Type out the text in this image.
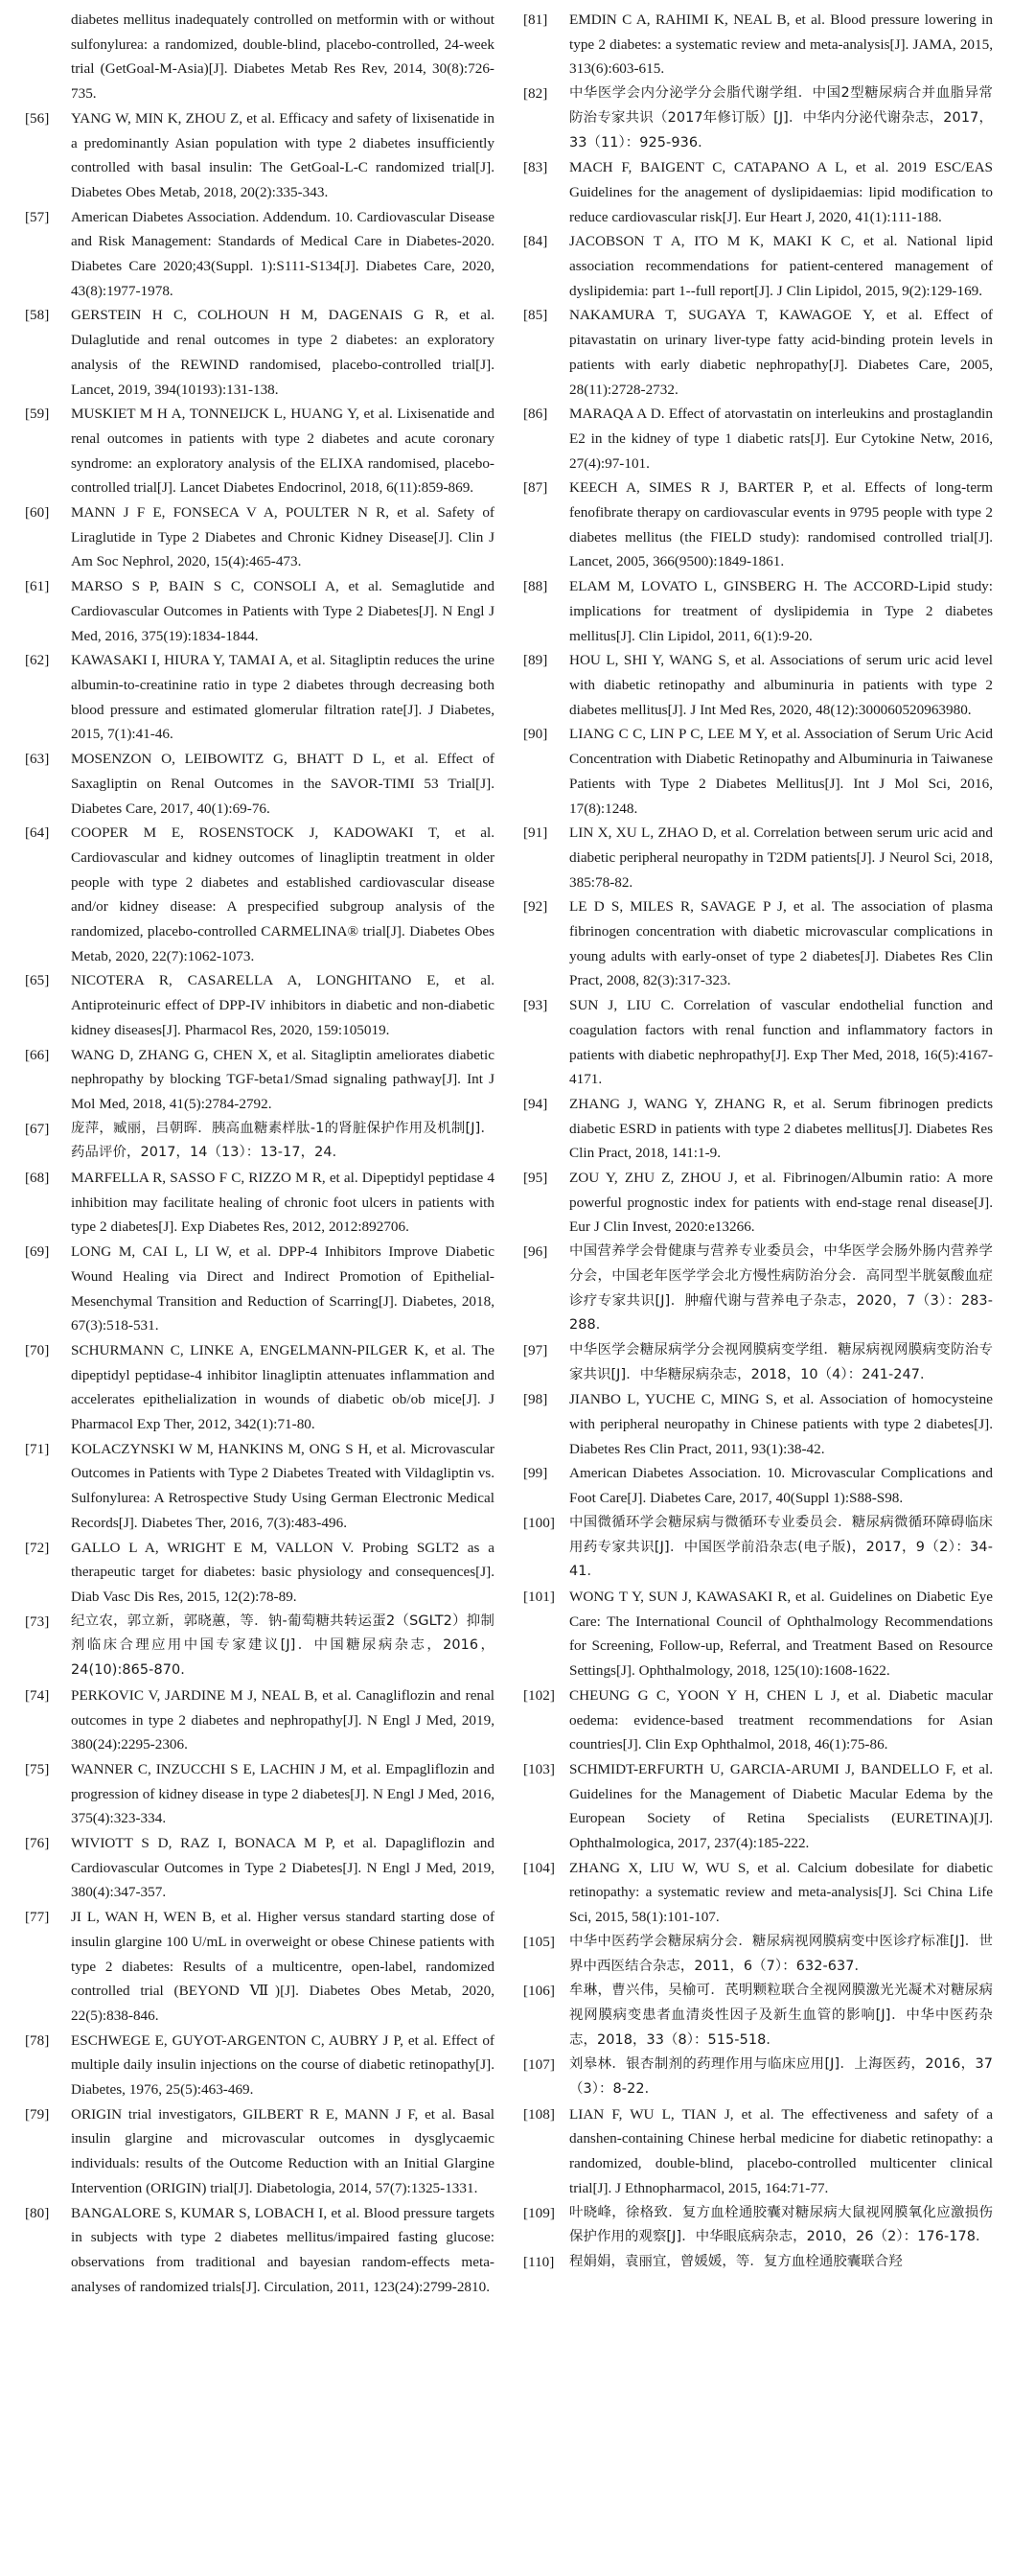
diabetes mellitus inadequately controlled on metformin with or without sulfonylurea: a randomized, double-blind, placebo-controlled, 24-week trial (GetGoal-M-Asia)[J]. Diabetes Metab Res Rev, 2014, 30(8):726-735.
[56]	YANG W, MIN K, ZHOU Z, et al. Efficacy and safety of lixisenatide in a predominantly Asian population with type 2 diabetes insufficiently controlled with basal insulin: The GetGoal-L-C randomized trial[J]. Diabetes Obes Metab, 2018, 20(2):335-343.
[57]	American Diabetes Association. Addendum. 10. Cardiovascular Disease and Risk Management: Standards of Medical Care in Diabetes-2020. Diabetes Care 2020;43(Suppl. 1):S111-S134[J]. Diabetes Care, 2020, 43(8):1977-1978.
[58]	GERSTEIN H C, COLHOUN H M, DAGENAIS G R, et al. Dulaglutide and renal outcomes in type 2 diabetes: an exploratory analysis of the REWIND randomised, placebo-controlled trial[J]. Lancet, 2019, 394(10193):131-138.
[59]	MUSKIET M H A, TONNEIJCK L, HUANG Y, et al. Lixisenatide and renal outcomes in patients with type 2 diabetes and acute coronary syndrome: an exploratory analysis of the ELIXA randomised, placebo-controlled trial[J]. Lancet Diabetes Endocrinol, 2018, 6(11):859-869.
[60]	MANN J F E, FONSECA V A, POULTER N R, et al. Safety of Liraglutide in Type 2 Diabetes and Chronic Kidney Disease[J]. Clin J Am Soc Nephrol, 2020, 15(4):465-473.
[61]	MARSO S P, BAIN S C, CONSOLI A, et al. Semaglutide and Cardiovascular Outcomes in Patients with Type 2 Diabetes[J]. N Engl J Med, 2016, 375(19):1834-1844.
[62]	KAWASAKI I, HIURA Y, TAMAI A, et al. Sitagliptin reduces the urine albumin-to-creatinine ratio in type 2 diabetes through decreasing both blood pressure and estimated glomerular filtration rate[J]. J Diabetes, 2015, 7(1):41-46.
[63]	MOSENZON O, LEIBOWITZ G, BHATT D L, et al. Effect of Saxagliptin on Renal Outcomes in the SAVOR-TIMI 53 Trial[J]. Diabetes Care, 2017, 40(1):69-76.
[64]	COOPER M E, ROSENSTOCK J, KADOWAKI T, et al. Cardiovascular and kidney outcomes of linagliptin treatment in older people with type 2 diabetes and established cardiovascular disease and/or kidney disease: A prespecified subgroup analysis of the randomized, placebo-controlled CARMELINA® trial[J]. Diabetes Obes Metab, 2020, 22(7):1062-1073.
[65]	NICOTERA R, CASARELLA A, LONGHITANO E, et al. Antiproteinuric effect of DPP-IV inhibitors in diabetic and non-diabetic kidney diseases[J]. Pharmacol Res, 2020, 159:105019.
[66]	WANG D, ZHANG G, CHEN X, et al. Sitagliptin ameliorates diabetic nephropathy by blocking TGF-beta1/Smad signaling pathway[J]. Int J Mol Med, 2018, 41(5):2784-2792.
[67]	庞萍，臧丽，吕朝晖．胰高血糖素样肽-1的肾脏保护作用及机制[J]．药品评价，2017，14（13）：13-17，24．
[68]	MARFELLA R, SASSO F C, RIZZO M R, et al. Dipeptidyl peptidase 4 inhibition may facilitate healing of chronic foot ulcers in patients with type 2 diabetes[J]. Exp Diabetes Res, 2012, 2012:892706.
[69]	LONG M, CAI L, LI W, et al. DPP-4 Inhibitors Improve Diabetic Wound Healing via Direct and Indirect Promotion of Epithelial-Mesenchymal Transition and Reduction of Scarring[J]. Diabetes, 2018, 67(3):518-531.
[70]	SCHURMANN C, LINKE A, ENGELMANN-PILGER K, et al. The dipeptidyl peptidase-4 inhibitor linagliptin attenuates inflammation and accelerates epithelialization in wounds of diabetic ob/ob mice[J]. J Pharmacol Exp Ther, 2012, 342(1):71-80.
[71]	KOLACZYNSKI W M, HANKINS M, ONG S H, et al. Microvascular Outcomes in Patients with Type 2 Diabetes Treated with Vildagliptin vs. Sulfonylurea: A Retrospective Study Using German Electronic Medical Records[J]. Diabetes Ther, 2016, 7(3):483-496.
[72]	GALLO L A, WRIGHT E M, VALLON V. Probing SGLT2 as a therapeutic target for diabetes: basic physiology and consequences[J]. Diab Vasc Dis Res, 2015, 12(2):78-89.
[73]	纪立农，郭立新，郭晓蕙，等．钠-葡萄糖共转运蛋2（SGLT2）抑制剂临床合理应用中国专家建议[J]．中国糖尿病杂志，2016，24(10):865-870.
[74]	PERKOVIC V, JARDINE M J, NEAL B, et al. Canagliflozin and renal outcomes in type 2 diabetes and nephropathy[J]. N Engl J Med, 2019, 380(24):2295-2306.
[75]	WANNER C, INZUCCHI S E, LACHIN J M, et al. Empagliflozin and progression of kidney disease in type 2 diabetes[J]. N Engl J Med, 2016, 375(4):323-334.
[76]	WIVIOTT S D, RAZ I, BONACA M P, et al. Dapagliflozin and Cardiovascular Outcomes in Type 2 Diabetes[J]. N Engl J Med, 2019, 380(4):347-357.
[77]	JI L, WAN H, WEN B, et al. Higher versus standard starting dose of insulin glargine 100 U/mL in overweight or obese Chinese patients with type 2 diabetes: Results of a multicentre, open-label, randomized controlled trial (BEYOND Ⅶ)[J]. Diabetes Obes Metab, 2020, 22(5):838-846.
[78]	ESCHWEGE E, GUYOT-ARGENTON C, AUBRY J P, et al. Effect of multiple daily insulin injections on the course of diabetic retinopathy[J]. Diabetes, 1976, 25(5):463-469.
[79]	ORIGIN trial investigators, GILBERT R E, MANN J F, et al. Basal insulin glargine and microvascular outcomes in dysglycaemic individuals: results of the Outcome Reduction with an Initial Glargine Intervention (ORIGIN) trial[J]. Diabetologia, 2014, 57(7):1325-1331.
[80]	BANGALORE S, KUMAR S, LOBACH I, et al. Blood pressure targets in subjects with type 2 diabetes mellitus/impaired fasting glucose: observations from traditional and bayesian random-effects meta-analyses of randomized trials[J]. Circulation, 2011, 123(24):2799-2810.
[81]	EMDIN C A, RAHIMI K, NEAL B, et al. Blood pressure lowering in type 2 diabetes: a systematic review and meta-analysis[J]. JAMA, 2015, 313(6):603-615.
[82]	中华医学会内分泌学分会脂代谢学组．中国2型糖尿病合并血脂异常防治专家共识（2017年修订版）[J]．中华内分泌代谢杂志，2017，33（11）：925-936．
[83]	MACH F, BAIGENT C, CATAPANO A L, et al. 2019 ESC/EAS Guidelines for the anagement of dyslipidaemias: lipid modification to reduce cardiovascular risk[J]. Eur Heart J, 2020, 41(1):111-188.
[84]	JACOBSON T A, ITO M K, MAKI K C, et al. National lipid association recommendations for patient-centered management of dyslipidemia: part 1--full report[J]. J Clin Lipidol, 2015, 9(2):129-169.
[85]	NAKAMURA T, SUGAYA T, KAWAGOE Y, et al. Effect of pitavastatin on urinary liver-type fatty acid-binding protein levels in patients with early diabetic nephropathy[J]. Diabetes Care, 2005, 28(11):2728-2732.
[86]	MARAQA A D. Effect of atorvastatin on interleukins and prostaglandin E2 in the kidney of type 1 diabetic rats[J]. Eur Cytokine Netw, 2016, 27(4):97-101.
[87]	KEECH A, SIMES R J, BARTER P, et al. Effects of long-term fenofibrate therapy on cardiovascular events in 9795 people with type 2 diabetes mellitus (the FIELD study): randomised controlled trial[J]. Lancet, 2005, 366(9500):1849-1861.
[88]	ELAM M, LOVATO L, GINSBERG H. The ACCORD-Lipid study: implications for treatment of dyslipidemia in Type 2 diabetes mellitus[J]. Clin Lipidol, 2011, 6(1):9-20.
[89]	HOU L, SHI Y, WANG S, et al. Associations of serum uric acid level with diabetic retinopathy and albuminuria in patients with type 2 diabetes mellitus[J]. J Int Med Res, 2020, 48(12):300060520963980.
[90]	LIANG C C, LIN P C, LEE M Y, et al. Association of Serum Uric Acid Concentration with Diabetic Retinopathy and Albuminuria in Taiwanese Patients with Type 2 Diabetes Mellitus[J]. Int J Mol Sci, 2016, 17(8):1248.
[91]	LIN X, XU L, ZHAO D, et al. Correlation between serum uric acid and diabetic peripheral neuropathy in T2DM patients[J]. J Neurol Sci, 2018, 385:78-82.
[92]	LE D S, MILES R, SAVAGE P J, et al. The association of plasma fibrinogen concentration with diabetic microvascular complications in young adults with early-onset of type 2 diabetes[J]. Diabetes Res Clin Pract, 2008, 82(3):317-323.
[93]	SUN J, LIU C. Correlation of vascular endothelial function and coagulation factors with renal function and inflammatory factors in patients with diabetic nephropathy[J]. Exp Ther Med, 2018, 16(5):4167-4171.
[94]	ZHANG J, WANG Y, ZHANG R, et al. Serum fibrinogen predicts diabetic ESRD in patients with type 2 diabetes mellitus[J]. Diabetes Res Clin Pract, 2018, 141:1-9.
[95]	ZOU Y, ZHU Z, ZHOU J, et al. Fibrinogen/Albumin ratio: A more powerful prognostic index for patients with end-stage renal disease[J]. Eur J Clin Invest, 2020:e13266.
[96]	中国营养学会骨健康与营养专业委员会，中华医学会肠外肠内营养学分会，中国老年医学学会北方慢性病防治分会．高同型半胱氨酸血症诊疗专家共识[J]．肿瘤代谢与营养电子杂志，2020，7（3）：283-288．
[97]	中华医学会糖尿病学分会视网膜病变学组．糖尿病视网膜病变防治专家共识[J]．中华糖尿病杂志，2018，10（4）：241-247．
[98]	JIANBO L, YUCHE C, MING S, et al. Association of homocysteine with peripheral neuropathy in Chinese patients with type 2 diabetes[J]. Diabetes Res Clin Pract, 2011, 93(1):38-42.
[99]	American Diabetes Association. 10. Microvascular Complications and Foot Care[J]. Diabetes Care, 2017, 40(Suppl 1):S88-S98.
[100]	中国微循环学会糖尿病与微循环专业委员会．糖尿病微循环障碍临床用药专家共识[J]．中国医学前沿杂志(电子版)，2017，9（2）：34-41．
[101] WONG T Y, SUN J, KAWASAKI R, et al. Guidelines on Diabetic Eye Care: The International Council of Ophthalmology Recommendations for Screening, Follow-up, Referral, and Treatment Based on Resource Settings[J]. Ophthalmology, 2018, 125(10):1608-1622.
[102] CHEUNG G C, YOON Y H, CHEN L J, et al. Diabetic macular oedema: evidence-based treatment recommendations for Asian countries[J]. Clin Exp Ophthalmol, 2018, 46(1):75-86.
[103] SCHMIDT-ERFURTH U, GARCIA-ARUMI J, BANDELLO F, et al. Guidelines for the Management of Diabetic Macular Edema by the European Society of Retina Specialists (EURETINA)[J]. Ophthalmologica, 2017, 237(4):185-222.
[104] ZHANG X, LIU W, WU S, et al. Calcium dobesilate for diabetic retinopathy: a systematic review and meta-analysis[J]. Sci China Life Sci, 2015, 58(1):101-107.
[105]	中华中医药学会糖尿病分会．糖尿病视网膜病变中医诊疗标准[J]．世界中西医结合杂志，2011，6（7）：632-637．
[106]	牟琳，曹兴伟，吴榆可．芪明颗粒联合全视网膜激光光凝术对糖尿病视网膜病变患者血清炎性因子及新生血管的影响[J]．中华中医药杂志，2018，33（8）：515-518．
[107]	刘皋林．银杏制剂的药理作用与临床应用[J]．上海医药，2016，37（3）：8-22．
[108] LIAN F, WU L, TIAN J, et al. The effectiveness and safety of a danshen-containing Chinese herbal medicine for diabetic retinopathy: a randomized, double-blind, placebo-controlled multicenter clinical trial[J]. J Ethnopharmacol, 2015, 164:71-77.
[109]	叶晓峰，徐格致．复方血栓通胶囊对糖尿病大鼠视网膜氧化应激损伤保护作用的观察[J]．中华眼底病杂志，2010，26（2）：176-178．
[110]	程娟娟，袁丽宜，曾媛媛，等．复方血栓通胶囊联合羟
